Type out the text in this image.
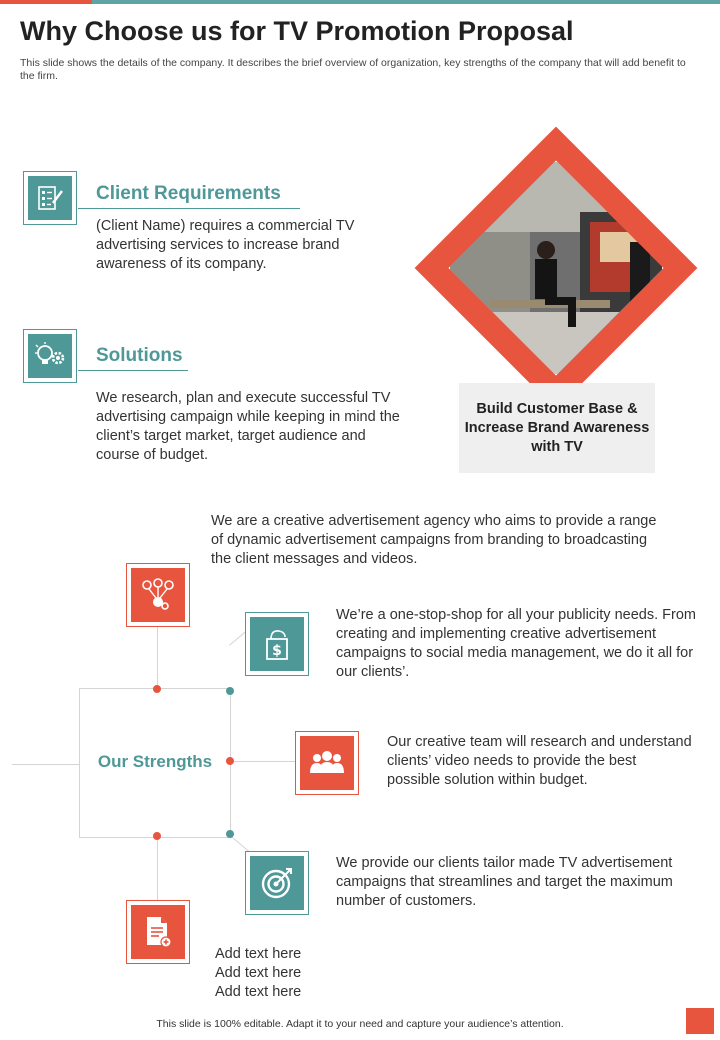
Why Choose us for TV Promotion Proposal

This slide shows the details of the company. It describes the brief overview of organization, key strengths of the company that will add benefit to the firm.

Client Requirements

(Client Name) requires a commercial TV advertising services to increase brand awareness of its company.

Solutions

We research, plan and execute successful TV advertising campaign while keeping in mind the client’s target market, target audience and course of budget.

Build Customer Base & Increase Brand Awareness with TV
Our Strengths
$

We are a creative advertisement agency who aims to provide a range of dynamic advertisement campaigns from branding to broadcasting the client messages and videos.

We’re a one-stop-shop for all your publicity needs. From creating and implementing creative advertisement campaigns to social media management, we do it all for our clients’.

Our creative team will research and understand clients’ video needs to provide the best possible solution within budget.

We provide our clients tailor made TV advertisement campaigns that streamlines and target the maximum number of customers.

Add text here

Add text here

Add text here

This slide is 100% editable. Adapt it to your need and capture your audience’s attention.
